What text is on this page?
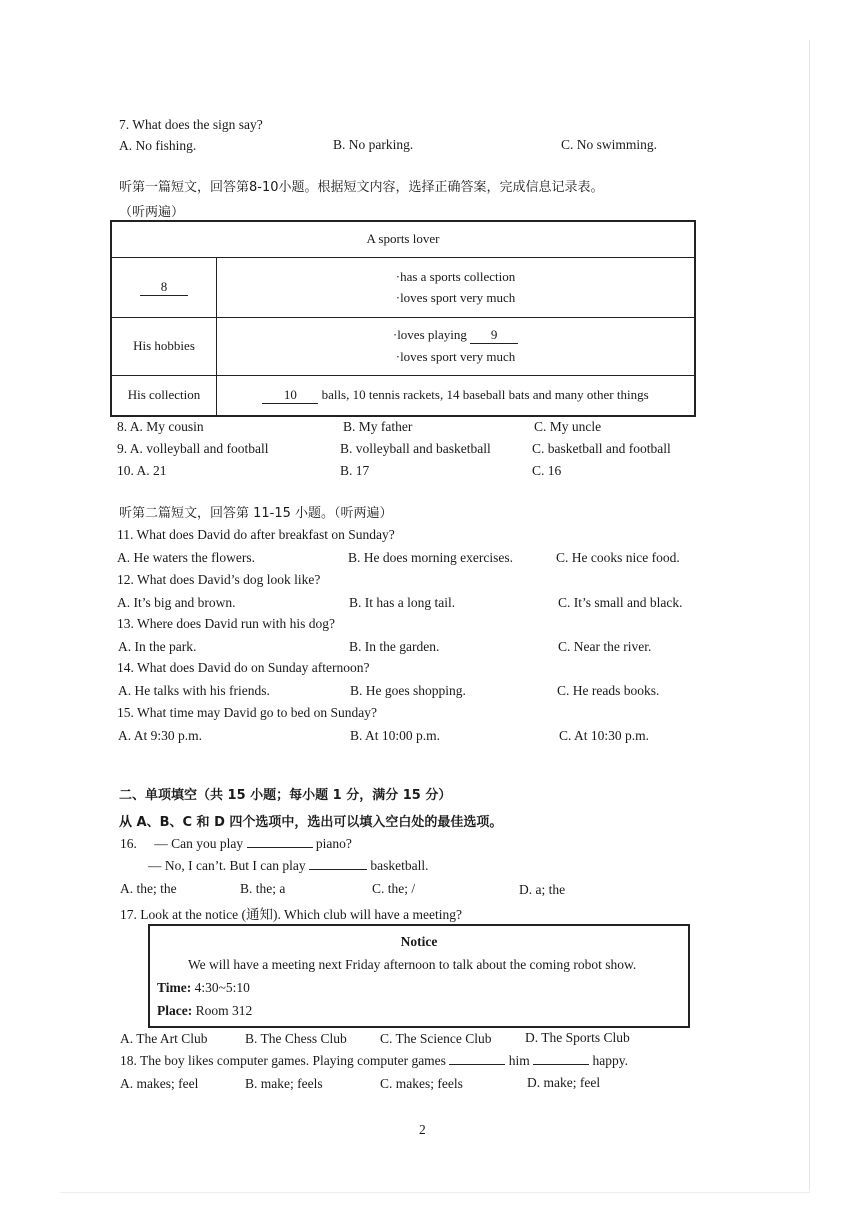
7. What does the sign say?
A. No fishing.	B. No parking.	C. No swimming.
听第一篇短文，回答第8-10小题。根据短文内容，选择正确答案，完成信息记录表。
（听两遍）
A sports lover	
8	·has a sports collection
·loves sport very much

His hobbies	·loves playing 9
·loves sport very much

His collection	10 balls, 10 tennis rackets, 14 baseball bats and many other things
8. A. My cousin	B. My father	C. My uncle
9. A. volleyball and football	B. volleyball and basketball	C. basketball and football
10. A. 21	B. 17	C. 16
听第二篇短文，回答第 11-15 小题。（听两遍）
11. What does David do after breakfast on Sunday?
A. He waters the flowers.	B. He does morning exercises.	C. He cooks nice food.
12. What does David’s dog look like?
A. It’s big and brown.	B. It has a long tail.	C. It’s small and black.
13. Where does David run with his dog?
A. In the park.	B. In the garden.	C. Near the river.
14. What does David do on Sunday afternoon?
A. He talks with his friends.	B. He goes shopping.	C. He reads books.
15. What time may David go to bed on Sunday?
A. At 9:30 p.m.	B. At 10:00 p.m.	C. At 10:30 p.m.
二、单项填空（共 15 小题；每小题 1 分，满分 15 分）
从 A、B、C 和 D 四个选项中，选出可以填入空白处的最佳选项。
16. — Can you play	piano?
— No, I can’t. But I can play	basketball.
A. the; the	B. the; a	C. the; /	D. a; the
17. Look at the notice (通知). Which club will have a meeting?
Notice
We will have a meeting next Friday afternoon to talk about the coming robot show.
Time: 4:30~5:10
Place: Room 312
A. The Art Club	B. The Chess Club C. The Science Club D. The Sports Club
18. The boy likes computer games. Playing computer games	him	happy.
A. makes; feel	B. make; feels	C. makes; feels	D. make; feel
2
